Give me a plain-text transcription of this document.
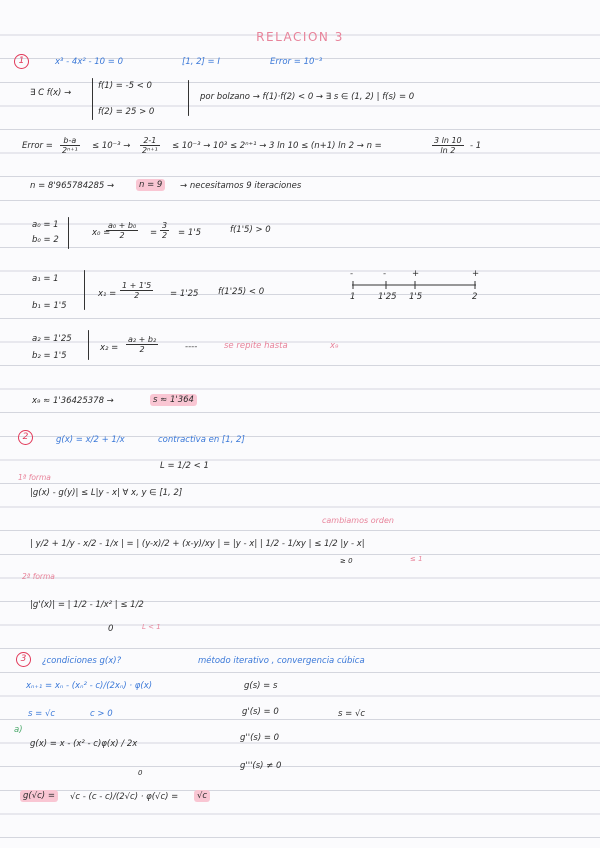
RELACION 3
1	x³ - 4x² - 10 = 0	[1, 2] = I	Error = 10⁻³
∃ C f(x) →
f(1) = -5 < 0
f(2) = 25 > 0
por bolzano → f(1)·f(2) < 0 → ∃ s ∈ (1, 2) | f(s) = 0
Error = $\frac{b-a}{\text{2ⁿ⁺¹}} \le 10^{-3} \to \frac{2-1}{\text{2ⁿ⁺¹}} \le 10^{-3} \to 10^3 \le 2^{n+1} \to 3$ ln 10 ≤ (n+1) ln 2 → n =	$\frac{3 \ln 10}{\ln 2} - 1$
n = 8'965784285 →	n = 9	→ necesitamos 9 iteraciones
a₀ = 1
b₀ = 2
x₀ =
$\frac{\text{a₀ + b₀}}{2} = \frac{3}{2} = 1'5$	f(1'5) > 0
a₁ = 1
b₁ = 1'5
$x_1 = \frac{1 + 1'5}{2} = 1'25$ f(1'25) < 0
-	-	+	+
1	1'25 1'5	2
a₂ = 1'25
b₂ = 1'5
$x_2 = \frac{\text{a₂ + b₂}}{2}$	----	se repite hasta	x₉
x₉ ≈ 1'36425378 →	s ≈ 1'364
2	g(x) = x/2 + 1/x	contractiva en [1, 2]
L = 1/2 < 1
1ª forma
|g(x) - g(y)| ≤ L|y - x| ∀ x, y ∈ [1, 2]
cambiamos orden
| y/2 + 1/y - x/2 - 1/x | = | (y-x)/2 + (x-y)/xy | = |y - x| | 1/2 - 1/xy | ≤ 1/2 |y - x|
≥ 0	≤ 1
2ª forma
|g'(x)| = | 1/2 - 1/x² | ≤ 1/2
0	L < 1
3	¿condiciones g(x)?	método iterativo , convergencia cúbica
xₙ₊₁ = xₙ - (xₙ² - c)/(2xₙ) · φ(x)	g(s) = s
s = √c	c > 0	g'(s) = 0	s = √c
a)
g(x) = x - (x² - c)φ(x) / 2x
g''(s) = 0
g'''(s) ≠ 0
g(√c) =	√c - (c - c)/(2√c) · φ(√c) =	√c
0
